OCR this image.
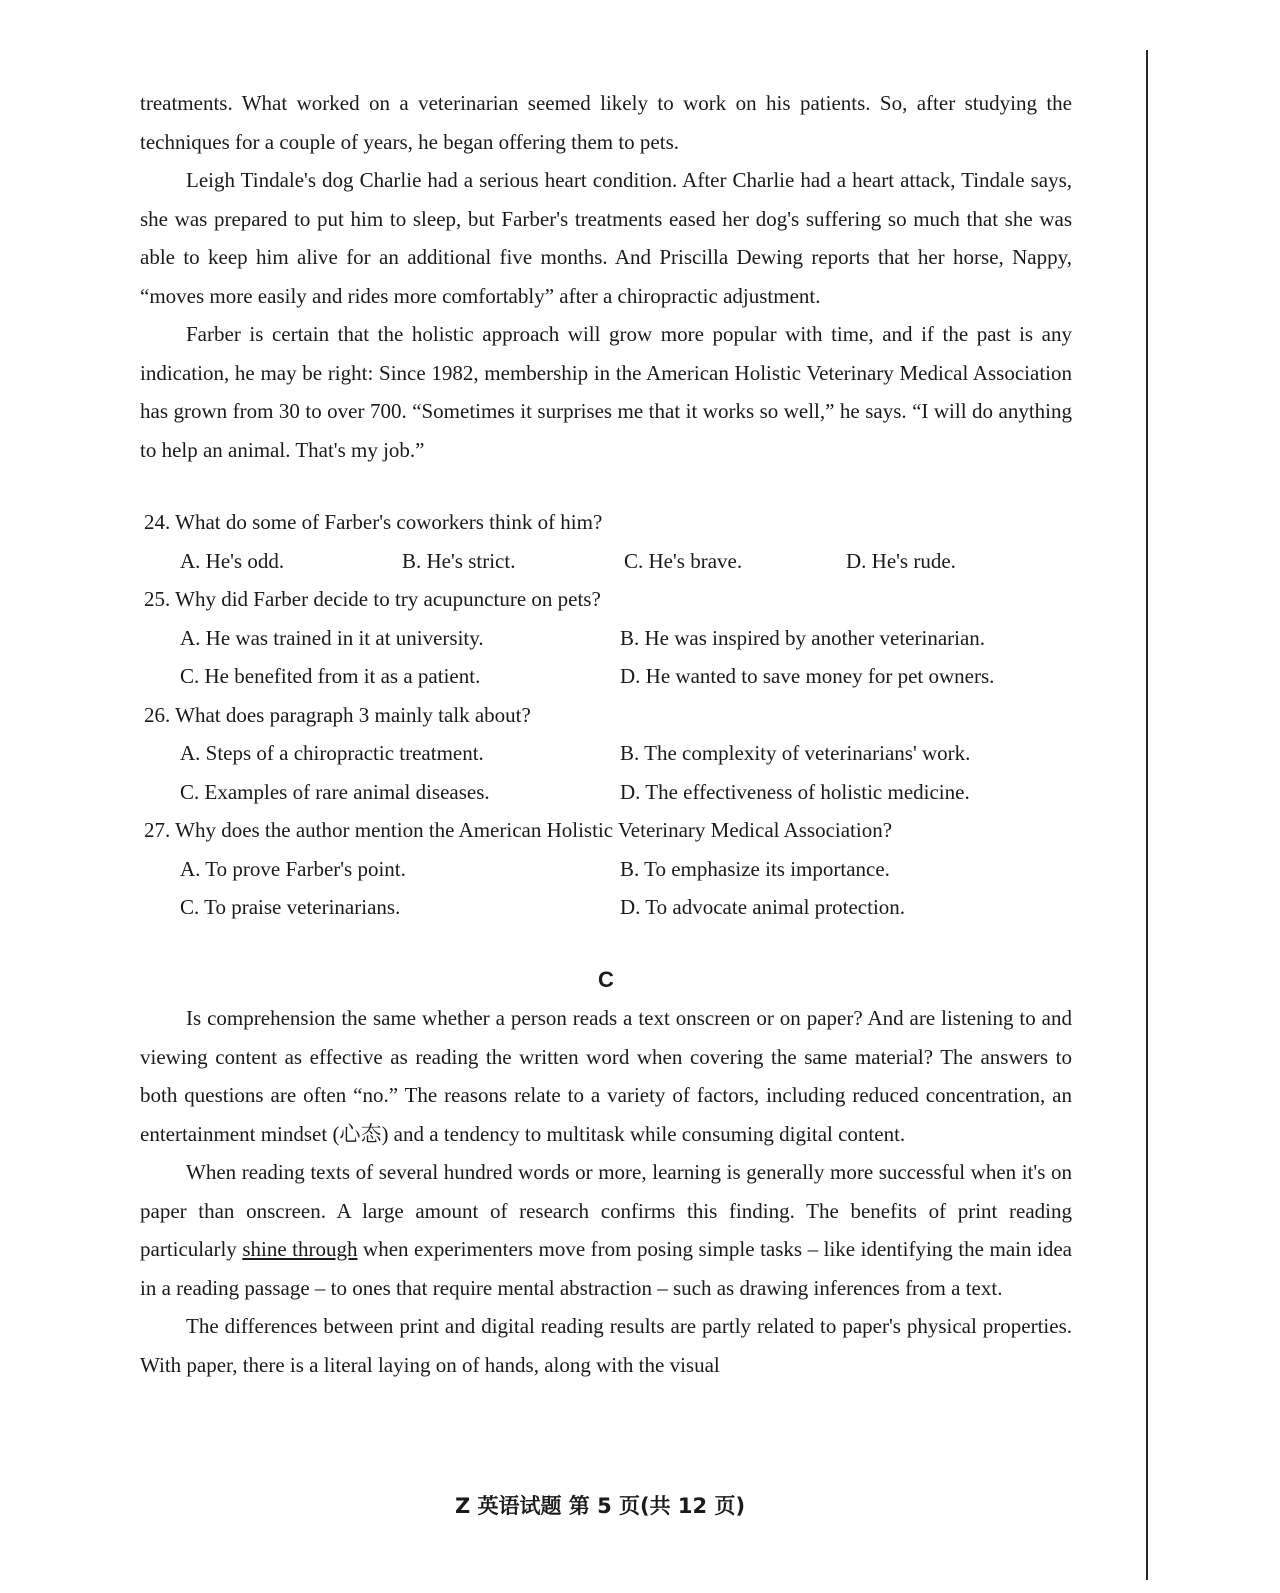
treatments. What worked on a veterinarian seemed likely to work on his patients. So, after studying the techniques for a couple of years, he began offering them to pets.

Leigh Tindale's dog Charlie had a serious heart condition. After Charlie had a heart attack, Tindale says, she was prepared to put him to sleep, but Farber's treatments eased her dog's suffering so much that she was able to keep him alive for an additional five months. And Priscilla Dewing reports that her horse, Nappy, “moves more easily and rides more comfortably” after a chiropractic adjustment.

Farber is certain that the holistic approach will grow more popular with time, and if the past is any indication, he may be right: Since 1982, membership in the American Holistic Veterinary Medical Association has grown from 30 to over 700. “Sometimes it surprises me that it works so well,” he says. “I will do anything to help an animal. That's my job.”

24. What do some of Farber's coworkers think of him?

A. He's odd.	B. He's strict.	C. He's brave.	D. He's rude.

25. Why did Farber decide to try acupuncture on pets?

A. He was trained in it at university.	B. He was inspired by another veterinarian.
C. He benefited from it as a patient.	D. He wanted to save money for pet owners.

26. What does paragraph 3 mainly talk about?

A. Steps of a chiropractic treatment.	B. The complexity of veterinarians' work.
C. Examples of rare animal diseases.	D. The effectiveness of holistic medicine.

27. Why does the author mention the American Holistic Veterinary Medical Association?

A. To prove Farber's point.	B. To emphasize its importance.
C. To praise veterinarians.	D. To advocate animal protection.

C

Is comprehension the same whether a person reads a text onscreen or on paper? And are listening to and viewing content as effective as reading the written word when covering the same material? The answers to both questions are often “no.” The reasons relate to a variety of factors, including reduced concentration, an entertainment mindset (心态) and a tendency to multitask while consuming digital content.

When reading texts of several hundred words or more, learning is generally more successful when it's on paper than onscreen. A large amount of research confirms this finding. The benefits of print reading particularly shine through when experimenters move from posing simple tasks – like identifying the main idea in a reading passage – to ones that require mental abstraction – such as drawing inferences from a text.

The differences between print and digital reading results are partly related to paper's physical properties. With paper, there is a literal laying on of hands, along with the visual

Z 英语试题 第 5 页(共 12 页)
